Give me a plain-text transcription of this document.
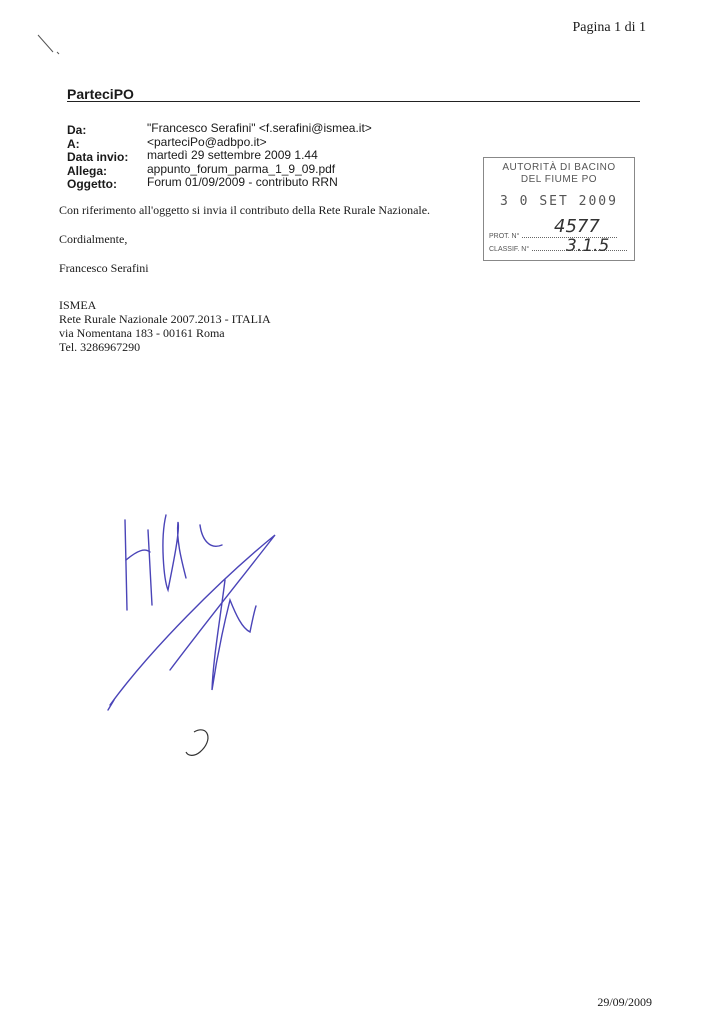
Pagina 1 di 1
ParteciPO
Da:	"Francesco Serafini" <f.serafini@ismea.it>
A:	<parteciPo@adbpo.it>
Data invio: martedì 29 settembre 2009 1.44
Allega:	appunto_forum_parma_1_9_09.pdf
Oggetto:	Forum 01/09/2009 - contributo RRN
AUTORITÀ DI BACINO
DEL FIUME PO
3 0 SET 2009
PROT. N°
CLASSIF. N°
4577
3.1.5

Con riferimento all'oggetto si invia il contributo della Rete Rurale Nazionale.

Cordialmente,

Francesco Serafini

ISMEA
Rete Rurale Nazionale 2007.2013 - ITALIA
via Nomentana 183 - 00161 Roma
Tel. 3286967290
29/09/2009
